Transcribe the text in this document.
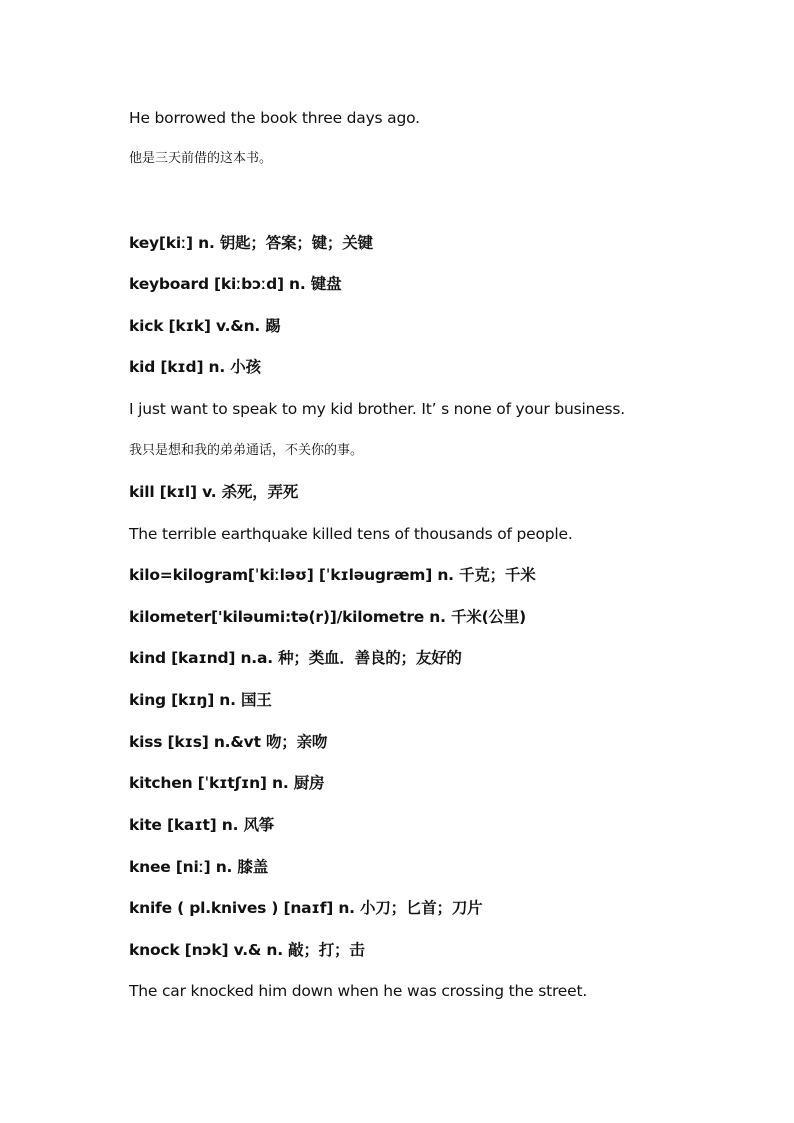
He borrowed the book three days ago.
他是三天前借的这本书。
key[kiː] n. 钥匙；答案；键；关键
keyboard [kiːbɔːd] n. 键盘
kick [kɪk] v.&n. 踢
kid [kɪd] n. 小孩
I just want to speak to my kid brother. It’ s none of your business.
我只是想和我的弟弟通话，不关你的事。
kill [kɪl] v. 杀死，弄死
The terrible earthquake killed tens of thousands of people.
kilo=kilogram[ˈkiːləʊ] [ˈkɪləugræm] n. 千克；千米
kilometer['kiləumi:tə(r)]/kilometre n. 千米(公里)
kind [kaɪnd] n.a. 种；类血．善良的；友好的
king [kɪŋ] n. 国王
kiss [kɪs] n.&vt 吻；亲吻
kitchen [ˈkɪtʃɪn] n. 厨房
kite [kaɪt] n. 风筝
knee [niː] n. 膝盖
knife ( pl.knives ) [naɪf] n. 小刀；匕首；刀片
knock [nɔk] v.& n. 敲；打；击
The car knocked him down when he was crossing the street.
